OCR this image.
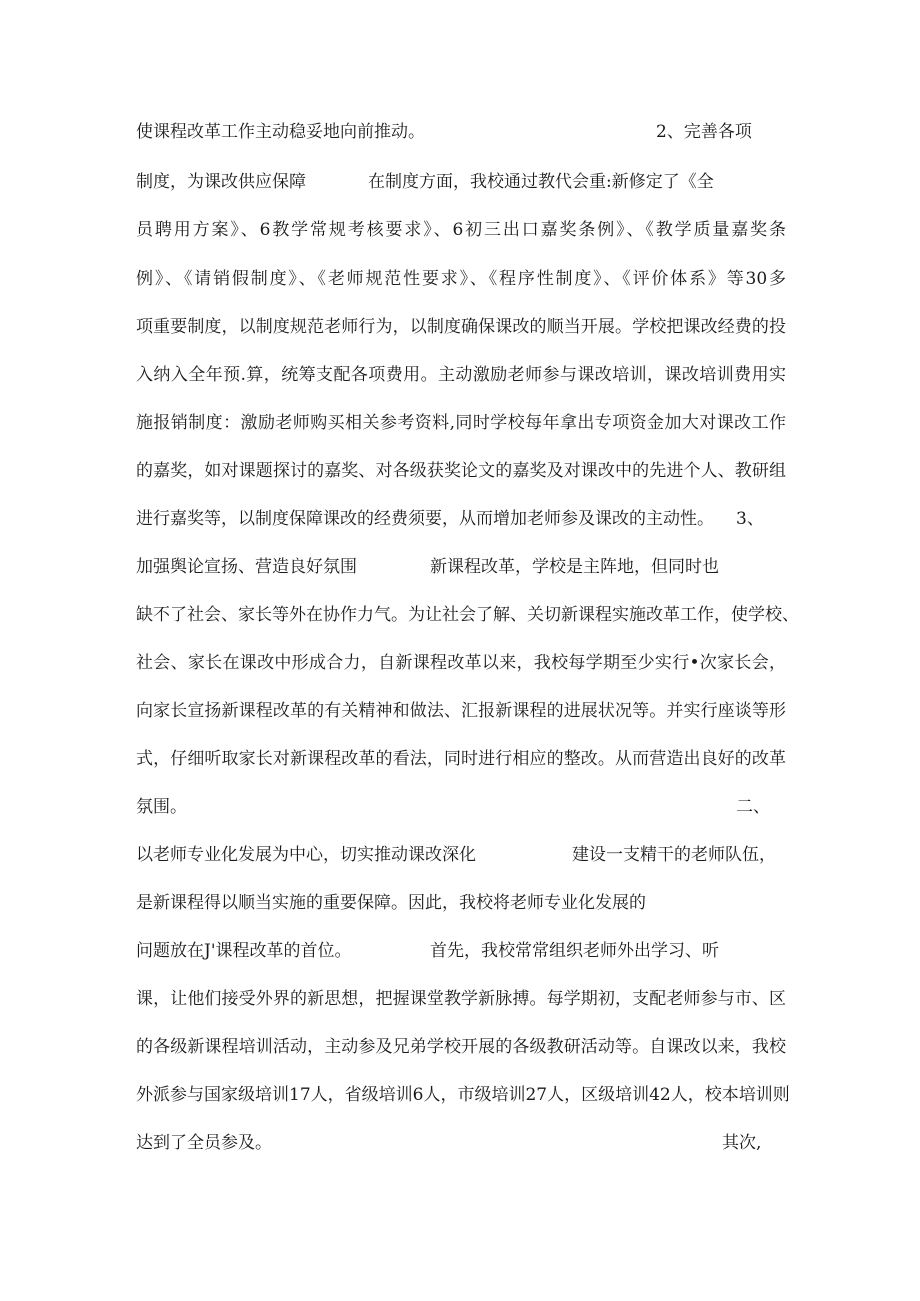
使课程改革工作主动稳妥地向前推动。	2、完善各项
制度，为课改供应保障	在制度方面，我校通过教代会重:新修定了《全
员聘用方案》、6教学常规考核要求》、6初三出口嘉奖条例》、《教学质量嘉奖条
例》、《请销假制度》、《老师规范性要求》、《程序性制度》、《评价体系》等30多
项重要制度，以制度规范老师行为，以制度确保课改的顺当开展。学校把课改经费的投
入纳入全年预.算，统筹支配各项费用。主动激励老师参与课改培训，课改培训费用实
施报销制度：激励老师购买相关参考资料,同时学校每年拿出专项资金加大对课改工作
的嘉奖，如对课题探讨的嘉奖、对各级获奖论文的嘉奖及对课改中的先进个人、教研组
进行嘉奖等，以制度保障课改的经费须要，从而增加老师参及课改的主动性。 3、
加强舆论宣扬、营造良好氛围	新课程改革，学校是主阵地，但同时也
缺不了社会、家长等外在协作力气。为让社会了解、关切新课程实施改革工作，使学校、
社会、家长在课改中形成合力，自新课程改革以来，我校每学期至少实行•次家长会，
向家长宣扬新课程改革的有关精神和做法、汇报新课程的进展状况等。并实行座谈等形
式，仔细听取家长对新课程改革的看法，同时进行相应的整改。从而营造出良好的改革
氛围。	二、
以老师专业化发展为中心，切实推动课改深化	建设一支精干的老师队伍，
是新课程得以顺当实施的重要保障。因此，我校将老师专业化发展的
问题放在J'课程改革的首位。	首先，我校常常组织老师外出学习、听
课，让他们接受外界的新思想，把握课堂教学新脉搏。每学期初，支配老师参与市、区
的各级新课程培训活动，主动参及兄弟学校开展的各级教研活动等。自课改以来，我校
外派参与国家级培训17人，省级培训6人，市级培训27人，区级培训42人，校本培训则
达到了全员参及。	其次,
